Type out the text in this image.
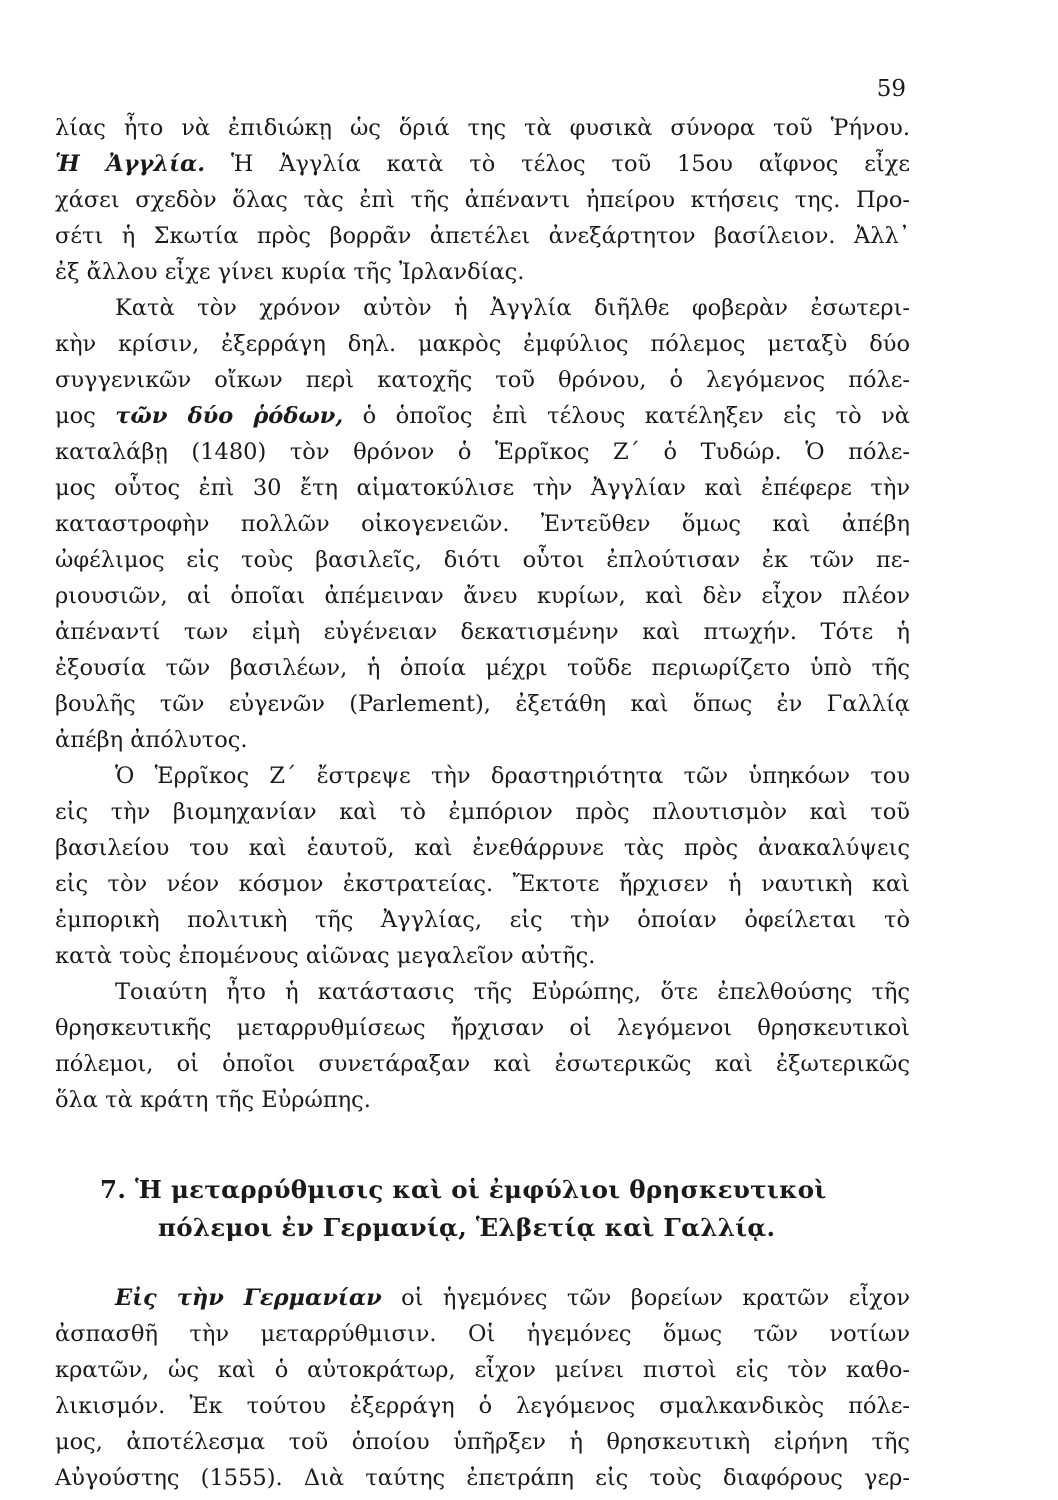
59
λίας ἦτο νὰ ἐπιδιώκῃ ὡς ὅριά της τὰ φυσικὰ σύνορα τοῦ Ῥήνου.
Ἡ Ἀγγλία. Ἡ Ἀγγλία κατὰ τὸ τέλος τοῦ 15ου αἴφνος εἶχε
χάσει σχεδὸν ὅλας τὰς ἐπὶ τῆς ἀπέναντι ἠπείρου κτήσεις της. Προ-
σέτι ἡ Σκωτία πρὸς βορρᾶν ἀπετέλει ἀνεξάρτητον βασίλειον. Ἀλλ᾽
ἐξ ἄλλου εἶχε γίνει κυρία τῆς Ἰρλανδίας.
Κατὰ τὸν χρόνον αὐτὸν ἡ Ἀγγλία διῆλθε φοβερὰν ἐσωτερι-
κὴν κρίσιν, ἐξερράγη δηλ. μακρὸς ἐμφύλιος πόλεμος μεταξὺ δύο
συγγενικῶν οἴκων περὶ κατοχῆς τοῦ θρόνου, ὁ λεγόμενος πόλε-
μος τῶν δύο ῥόδων, ὁ ὁποῖος ἐπὶ τέλους κατέληξεν εἰς τὸ νὰ
καταλάβῃ (1480) τὸν θρόνον ὁ Ἑρρῖκος Ζ´ ὁ Τυδώρ. Ὁ πόλε-
μος οὗτος ἐπὶ 30 ἔτη αἱματοκύλισε τὴν Ἀγγλίαν καὶ ἐπέφερε τὴν
καταστροφὴν πολλῶν οἰκογενειῶν. Ἐντεῦθεν ὅμως καὶ ἀπέβη
ὠφέλιμος εἰς τοὺς βασιλεῖς, διότι οὗτοι ἐπλούτισαν ἐκ τῶν πε-
ριουσιῶν, αἱ ὁποῖαι ἀπέμειναν ἄνευ κυρίων, καὶ δὲν εἶχον πλέον
ἀπέναντί των εἰμὴ εὐγένειαν δεκατισμένην καὶ πτωχήν. Τότε ἡ
ἐξουσία τῶν βασιλέων, ἡ ὁποία μέχρι τοῦδε περιωρίζετο ὑπὸ τῆς
βουλῆς τῶν εὐγενῶν (Parlement), ἐξετάθη καὶ ὅπως ἐν Γαλλίᾳ
ἀπέβη ἀπόλυτος.
Ὁ Ἑρρῖκος Ζ´ ἔστρεψε τὴν δραστηριότητα τῶν ὑπηκόων του
εἰς τὴν βιομηχανίαν καὶ τὸ ἐμπόριον πρὸς πλουτισμὸν καὶ τοῦ
βασιλείου του καὶ ἑαυτοῦ, καὶ ἐνεθάρρυνε τὰς πρὸς ἀνακαλύψεις
εἰς τὸν νέον κόσμον ἐκστρατείας. Ἔκτοτε ἤρχισεν ἡ ναυτικὴ καὶ
ἐμπορικὴ πολιτικὴ τῆς Ἀγγλίας, εἰς τὴν ὁποίαν ὀφείλεται τὸ
κατὰ τοὺς ἐπομένους αἰῶνας μεγαλεῖον αὐτῆς.
Τοιαύτη ἦτο ἡ κατάστασις τῆς Εὐρώπης, ὅτε ἐπελθούσης τῆς
θρησκευτικῆς μεταρρυθμίσεως ἤρχισαν οἱ λεγόμενοι θρησκευτικοὶ
πόλεμοι, οἱ ὁποῖοι συνετάραξαν καὶ ἐσωτερικῶς καὶ ἐξωτερικῶς
ὅλα τὰ κράτη τῆς Εὐρώπης.
7. Ἡ μεταρρύθμισις καὶ οἱ ἐμφύλιοι θρησκευτικοὶ
πόλεμοι ἐν Γερμανίᾳ, Ἑλβετίᾳ καὶ Γαλλίᾳ.
Εἰς τὴν Γερμανίαν οἱ ἡγεμόνες τῶν βορείων κρατῶν εἶχον
ἀσπασθῆ τὴν μεταρρύθμισιν. Οἱ ἡγεμόνες ὅμως τῶν νοτίων
κρατῶν, ὡς καὶ ὁ αὐτοκράτωρ, εἶχον μείνει πιστοὶ εἰς τὸν καθο-
λικισμόν. Ἐκ τούτου ἐξερράγη ὁ λεγόμενος σμαλκανδικὸς πόλε-
μος, ἀποτέλεσμα τοῦ ὁποίου ὑπῆρξεν ἡ θρησκευτικὴ εἰρήνη τῆς
Αὐγούστης (1555). Διὰ ταύτης ἐπετράπη εἰς τοὺς διαφόρους γερ-
